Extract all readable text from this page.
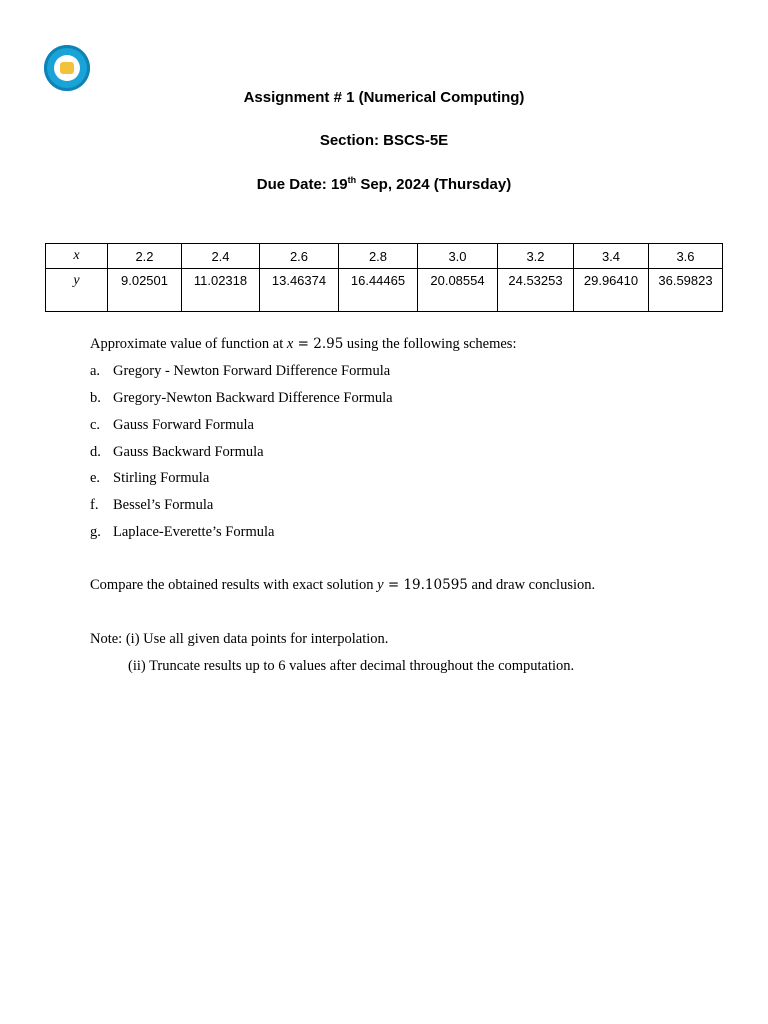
Assignment # 1 (Numerical Computing)
Section: BSCS-5E
Due Date: 19th Sep, 2024 (Thursday)
x	2.2	2.4	2.6	2.8	3.0	3.2	3.4	3.6
y	9.02501	11.02318	13.46374	16.44465	20.08554	24.53253	29.96410	36.59823
Approximate value of function at x = 2.95 using the following schemes:
a. Gregory - Newton Forward Difference Formula
b. Gregory-Newton Backward Difference Formula
c. Gauss Forward Formula
d. Gauss Backward Formula
e. Stirling Formula
f. Bessel’s Formula
g. Laplace-Everette’s Formula
Compare the obtained results with exact solution y = 19.10595 and draw conclusion.
Note: (i) Use all given data points for interpolation.
(ii) Truncate results up to 6 values after decimal throughout the computation.
